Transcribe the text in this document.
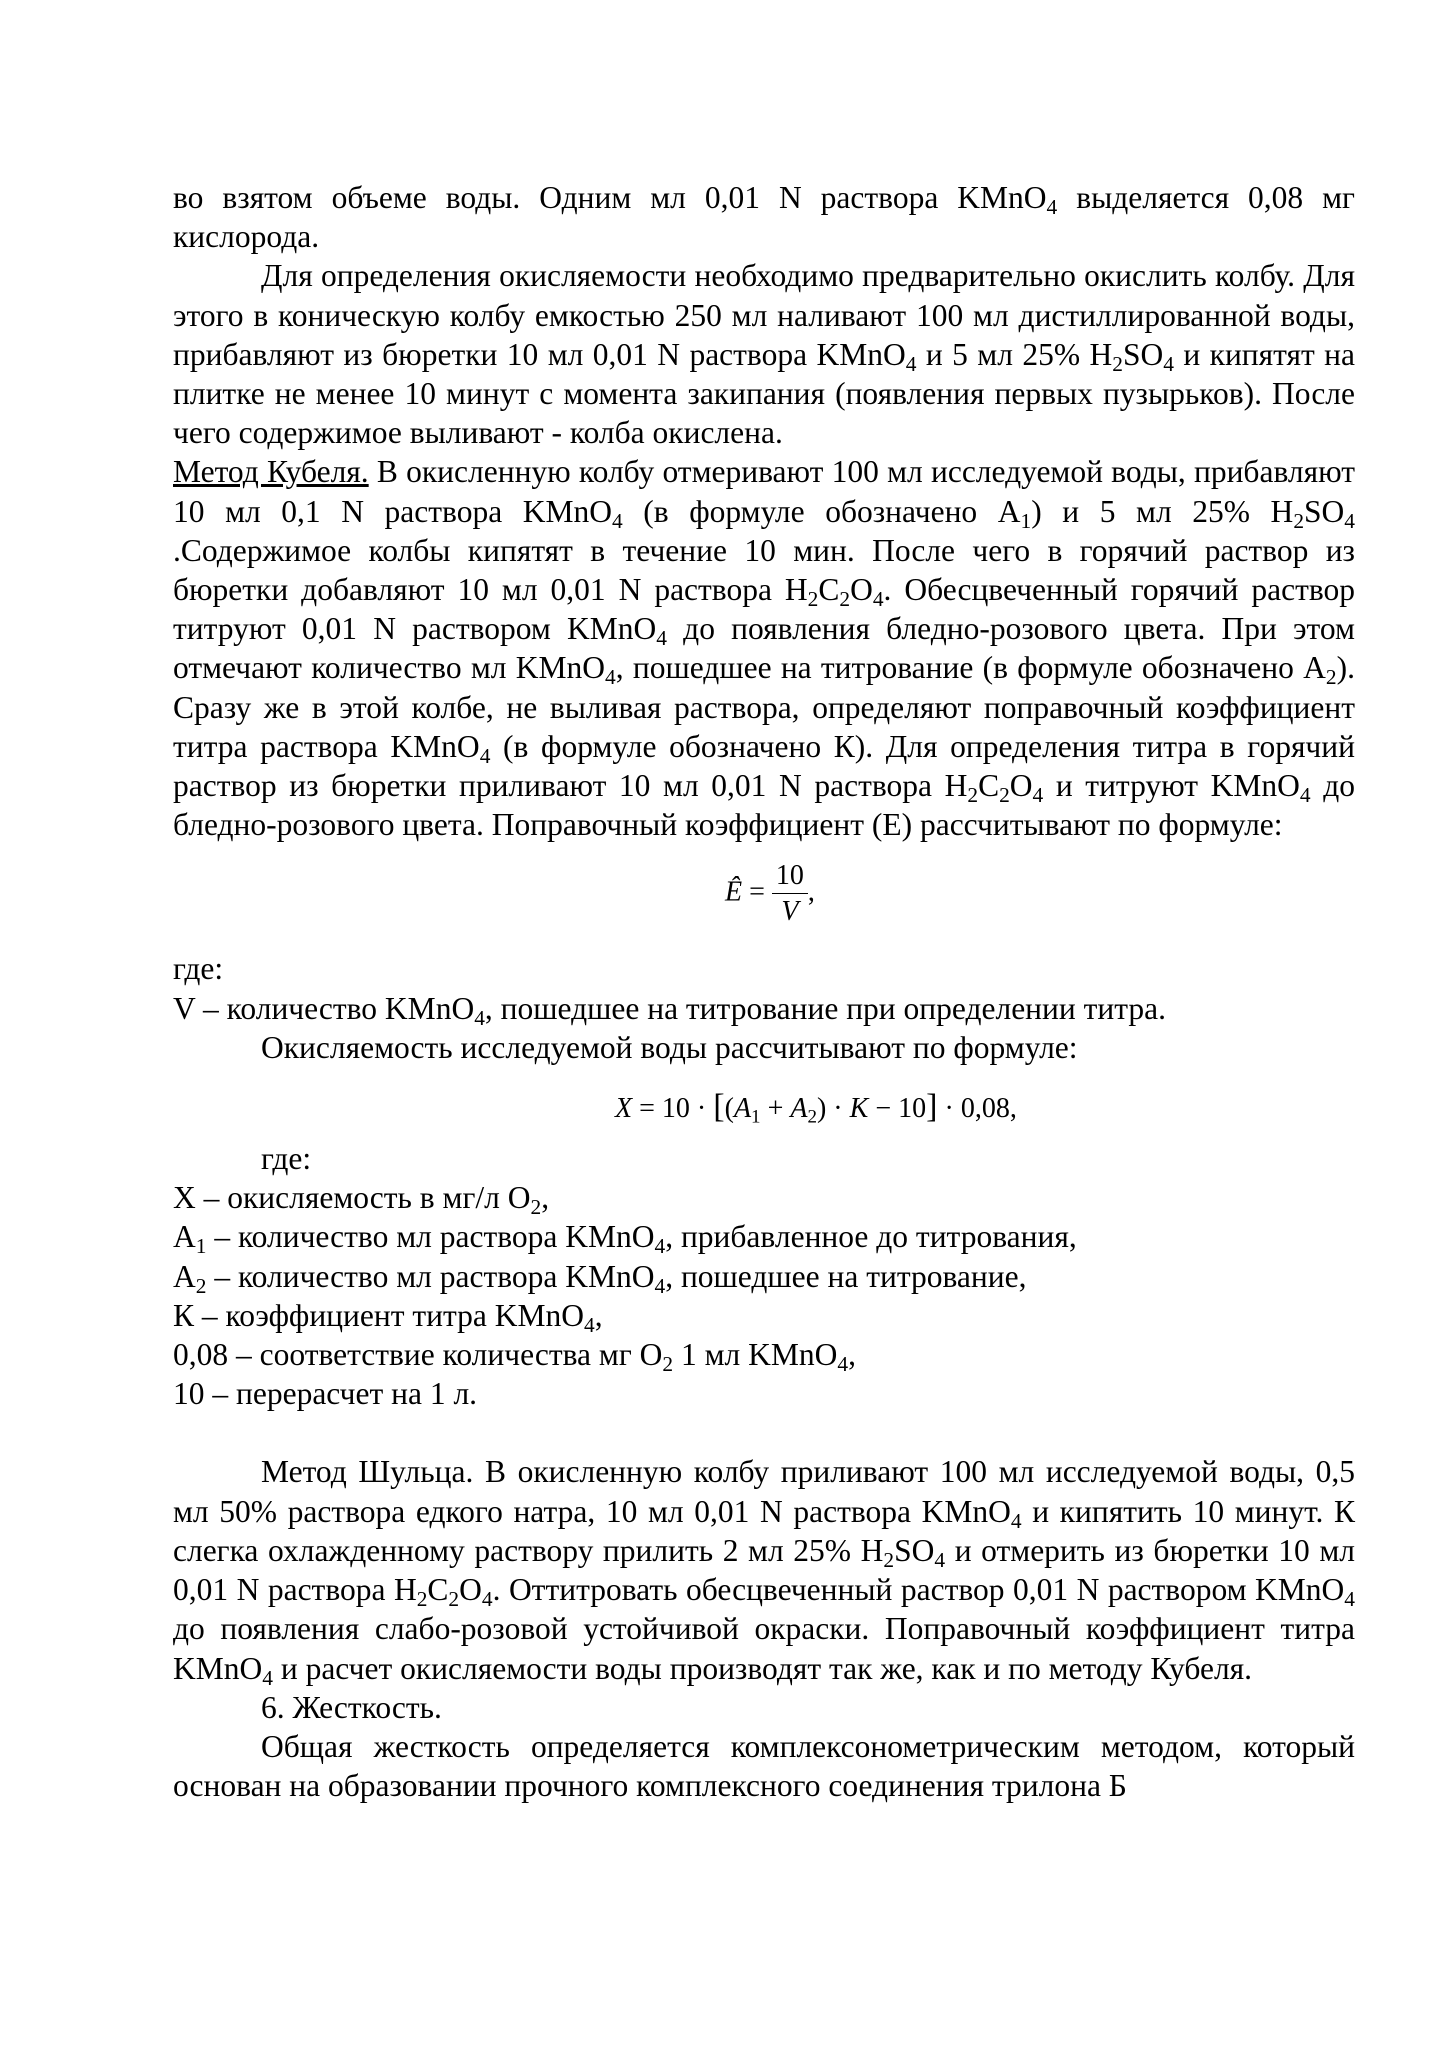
во взятом объеме воды. Одним мл 0,01 N раствора KMnO$_4$ выделяется 0,08 мг кислорода.

Для определения окисляемости необходимо предварительно окислить колбу. Для этого в коническую колбу емкостью 250 мл наливают 100 мл дистиллированной воды, прибавляют из бюретки 10 мл 0,01 N раствора KMnO$_4$ и 5 мл 25% $H_2SO_4$ и кипятят на плитке не менее 10 минут с момента закипания (появления первых пузырьков). После чего содержимое выливают - колба окислена.

Метод Кубеля. В окисленную колбу отмеривают 100 мл исследуемой воды, прибавляют 10 мл 0,1 N раствора KMnO$_4$ (в формуле обозначено $A_1$) и 5 мл 25% $H_2SO_4$ .Содержимое колбы кипятят в течение 10 мин. После чего в горячий раствор из бюретки добавляют 10 мл 0,01 N раствора $H_2C_2O_4$. Обесцвеченный горячий раствор титруют 0,01 N раствором KMnO$_4$ до появления бледно-розового цвета. При этом отмечают количество мл KMnO$_4$, пошедшее на титрование (в формуле обозначено $A_2$). Сразу же в этой колбе, не выливая раствора, определяют поправочный коэффициент титра раствора KMnO$_4$ (в формуле обозначено К). Для определения титра в горячий раствор из бюретки приливают 10 мл 0,01 N раствора $H_2C_2O_4$ и титруют KMnO$_4$ до бледно-розового цвета. Поправочный коэффициент (Е) рассчитывают по формуле:

Ê = $\frac{10}{V}$ ,

где:

V – количество KMnO$_4$, пошедшее на титрование при определении титра.

Окисляемость исследуемой воды рассчитывают по формуле:

$X = 10 \cdot [(A_1 + A_2) \cdot K - 10] \cdot 0,08$,

где:

X – окисляемость в мг/л $O_2$,

$A_1$ – количество мл раствора KMnO$_4$, прибавленное до титрования,

$A_2$ – количество мл раствора KMnO$_4$, пошедшее на титрование,

К – коэффициент титра KMnO$_4$,

0,08 – соответствие количества мг $O_2$ 1 мл KMnO$_4$,

10 – перерасчет на 1 л.

Метод Шульца. В окисленную колбу приливают 100 мл исследуемой воды, 0,5 мл 50% раствора едкого натра, 10 мл 0,01 N раствора KMnO$_4$ и кипятить 10 минут. К слегка охлажденному раствору прилить 2 мл 25% $H_2SO_4$ и отмерить из бюретки 10 мл 0,01 N раствора $H_2C_2O_4$. Оттитровать обесцвеченный раствор 0,01 N раствором KMnO$_4$ до появления слабо-розовой устойчивой окраски. Поправочный коэффициент титра KMnO$_4$ и расчет окисляемости воды производят так же, как и по методу Кубеля.

6. Жесткость.

Общая жесткость определяется комплексонометрическим методом, который основан на образовании прочного комплексного соединения трилона Б
